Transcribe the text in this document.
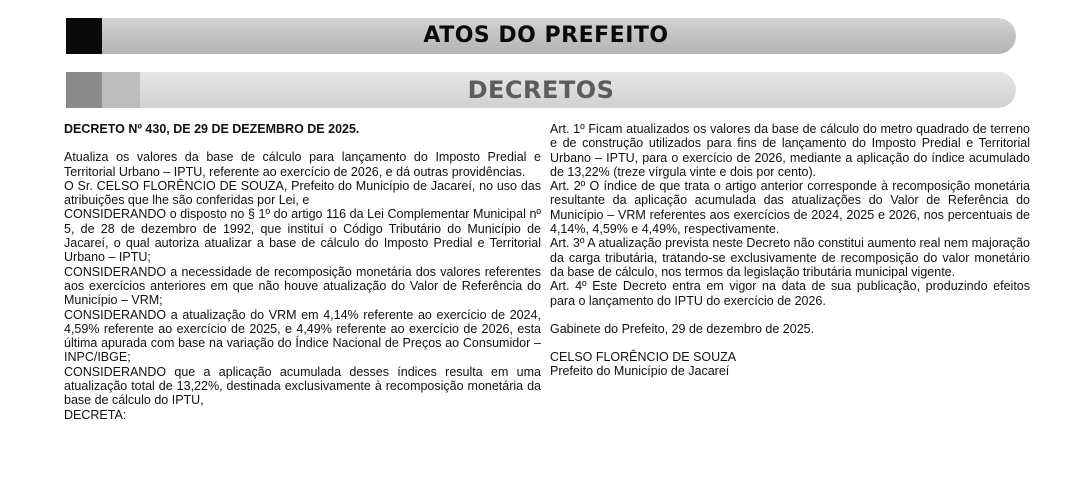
ATOS DO PREFEITO
DECRETOS

DECRETO Nº 430, DE 29 DE DEZEMBRO DE 2025.

Atualiza os valores da base de cálculo para lançamento do Imposto Predial e Territorial Urbano – IPTU, referente ao exercício de 2026, e dá outras providências.

O Sr. CELSO FLORÊNCIO DE SOUZA, Prefeito do Município de Jacareí, no uso das atribuições que lhe são conferidas por Lei, e

CONSIDERANDO o disposto no § 1º do artigo 116 da Lei Complementar Municipal nº 5, de 28 de dezembro de 1992, que instituí o Código Tributário do Município de Jacareí, o qual autoriza atualizar a base de cálculo do Imposto Predial e Territorial Urbano – IPTU;

CONSIDERANDO a necessidade de recomposição monetária dos valores referentes aos exercícios anteriores em que não houve atualização do Valor de Referência do Município – VRM;

CONSIDERANDO a atualização do VRM em 4,14% referente ao exercício de 2024, 4,59% referente ao exercício de 2025, e 4,49% referente ao exercício de 2026, esta última apurada com base na variação do Índice Nacional de Preços ao Consumidor – INPC/IBGE;

CONSIDERANDO que a aplicação acumulada desses índices resulta em uma atualização total de 13,22%, destinada exclusivamente à recomposição monetária da base de cálculo do IPTU,

DECRETA:

Art. 1º Ficam atualizados os valores da base de cálculo do metro quadrado de terreno e de construção utilizados para fins de lançamento do Imposto Predial e Territorial Urbano – IPTU, para o exercício de 2026, mediante a aplicação do índice acumulado de 13,22% (treze vírgula vinte e dois por cento).

Art. 2º O índice de que trata o artigo anterior corresponde à recomposição monetária resultante da aplicação acumulada das atualizações do Valor de Referência do Município – VRM referentes aos exercícios de 2024, 2025 e 2026, nos percentuais de 4,14%, 4,59% e 4,49%, respectivamente.

Art. 3º A atualização prevista neste Decreto não constitui aumento real nem majoração da carga tributária, tratando-se exclusivamente de recomposição do valor monetário da base de cálculo, nos termos da legislação tributária municipal vigente.

Art. 4º Este Decreto entra em vigor na data de sua publicação, produzindo efeitos para o lançamento do IPTU do exercício de 2026.

Gabinete do Prefeito, 29 de dezembro de 2025.

CELSO FLORÊNCIO DE SOUZA

Prefeito do Município de Jacareí
